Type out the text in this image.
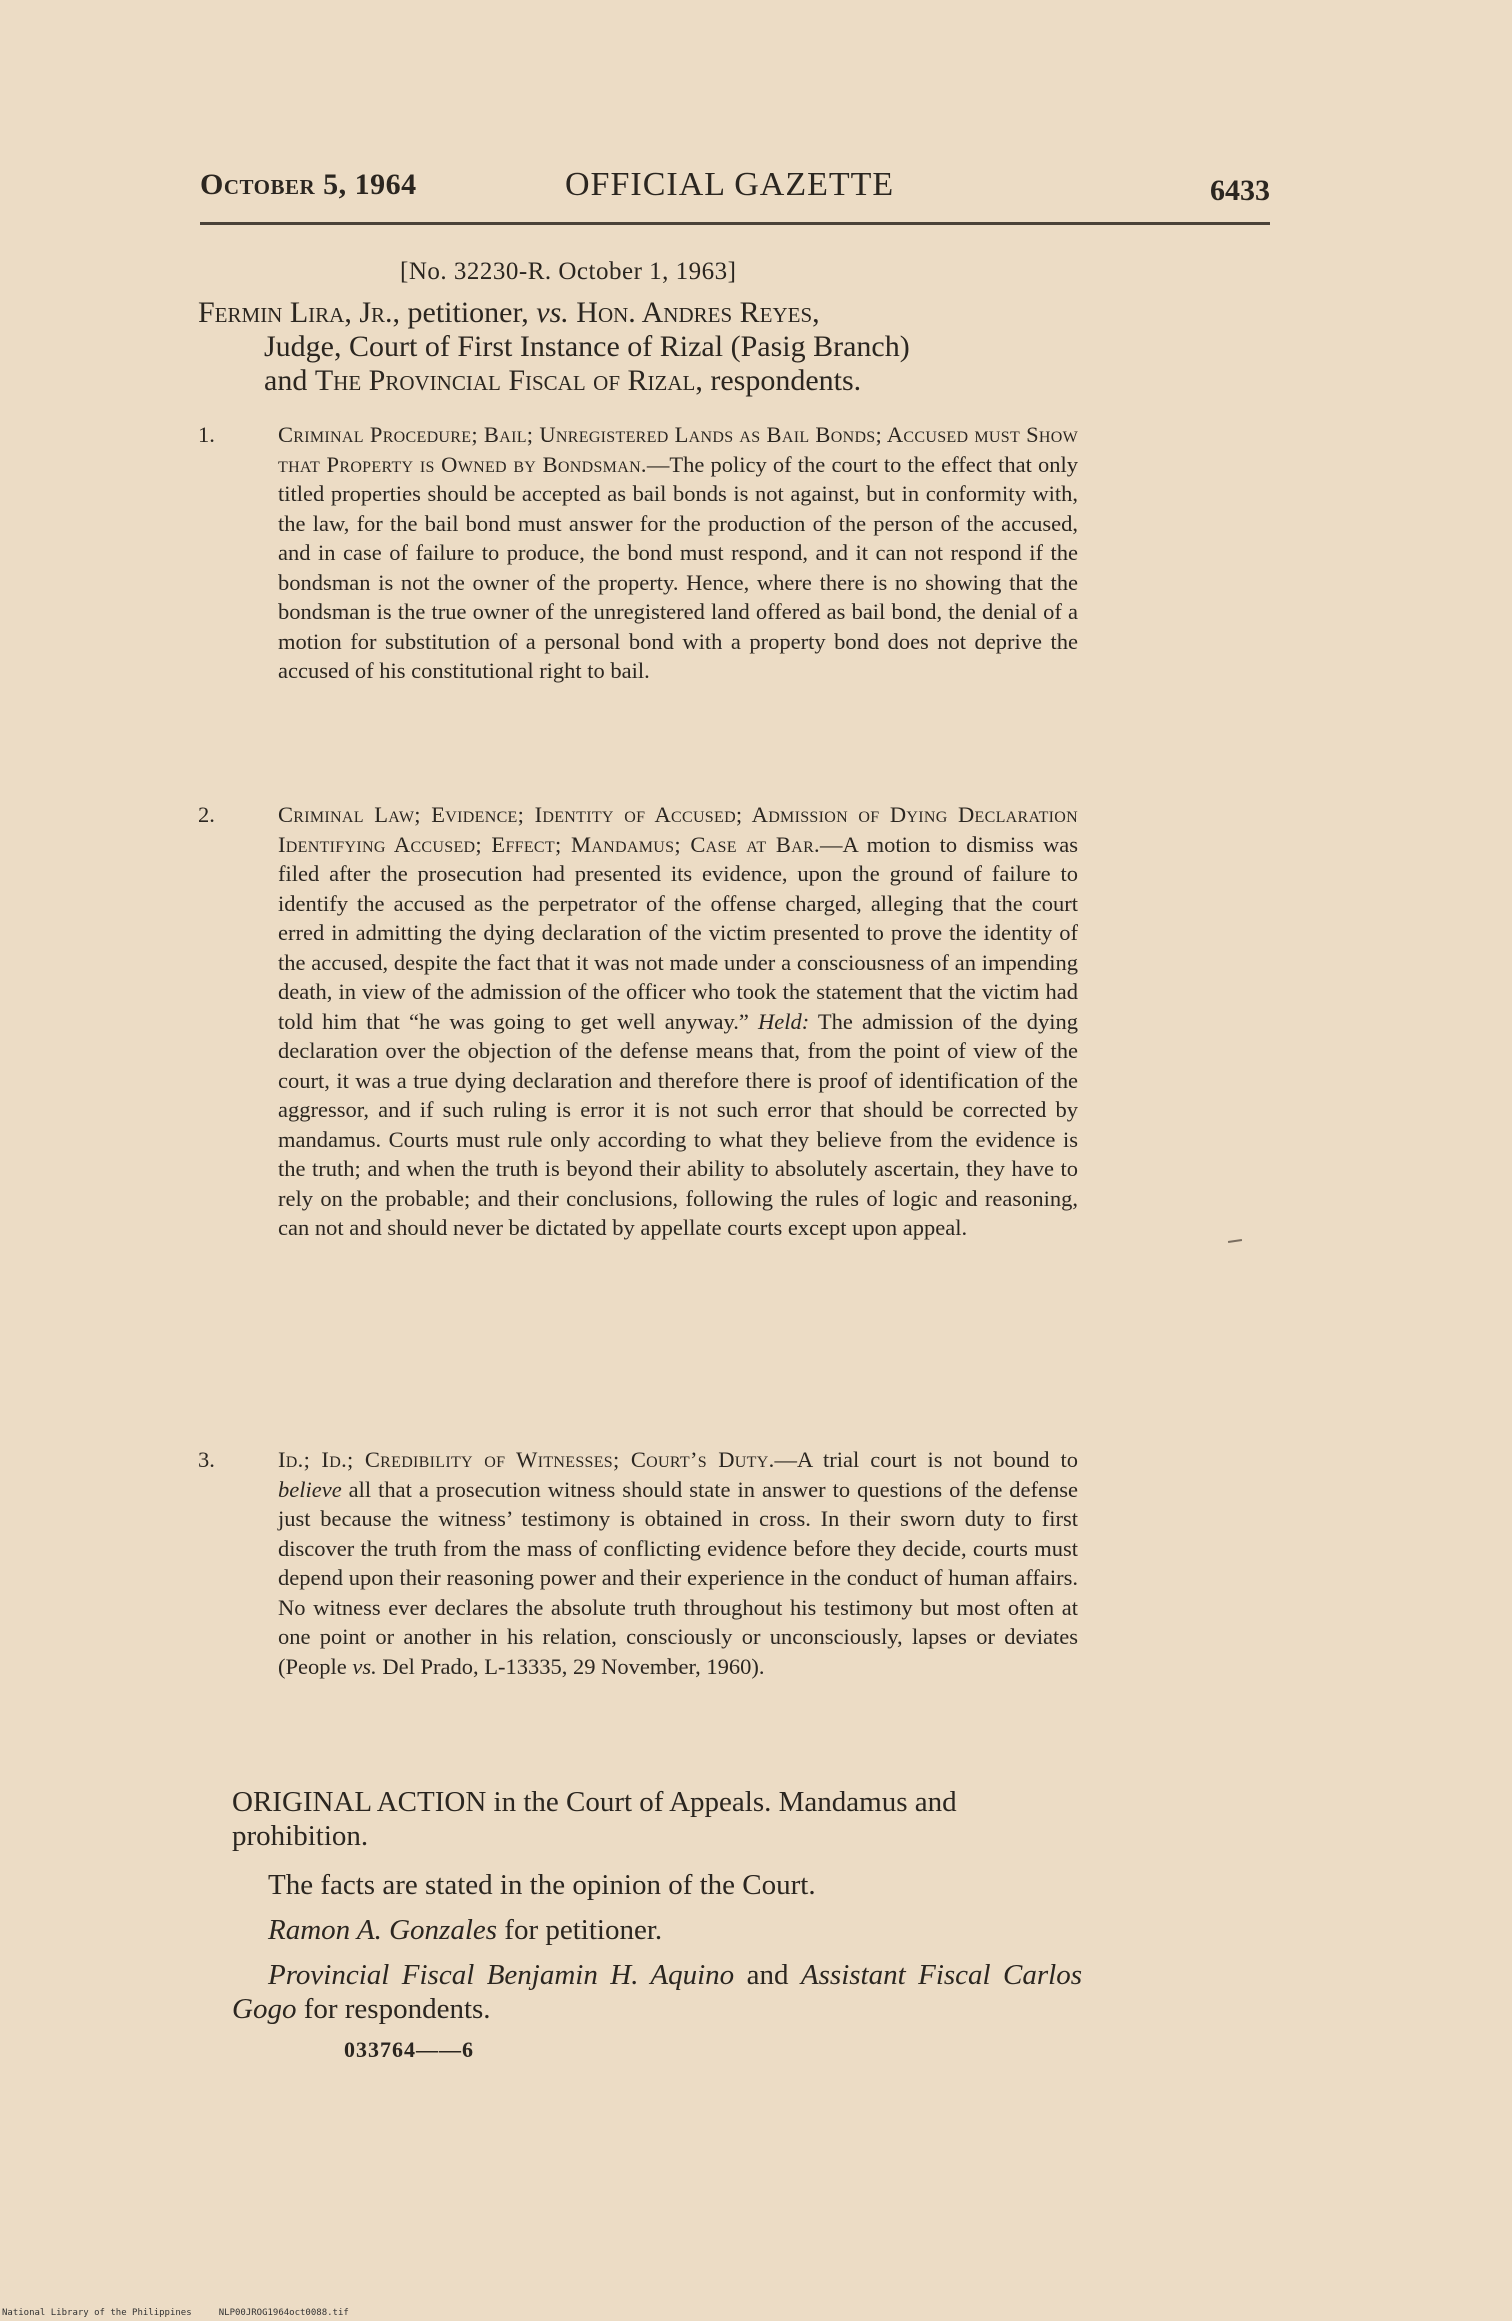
October 5, 1964	OFFICIAL GAZETTE	6433
[No. 32230-R. October 1, 1963]
Fermin Lira, Jr., petitioner, vs. Hon. Andres Reyes,
Judge, Court of First Instance of Rizal (Pasig Branch)
and The Provincial Fiscal of Rizal, respondents.
1.	Criminal Procedure; Bail; Unregistered Lands as Bail Bonds; Accused must Show that Property is Owned by Bondsman.—The policy of the court to the effect that only titled properties should be accepted as bail bonds is not against, but in conformity with, the law, for the bail bond must answer for the production of the person of the accused, and in case of failure to produce, the bond must respond, and it can not respond if the bondsman is not the owner of the property. Hence, where there is no showing that the bondsman is the true owner of the unregistered land offered as bail bond, the denial of a motion for substitution of a personal bond with a property bond does not deprive the accused of his constitutional right to bail.
2.	Criminal Law; Evidence; Identity of Accused; Admission of Dying Declaration Identifying Accused; Effect; Mandamus; Case at Bar.—A motion to dismiss was filed after the prosecution had presented its evidence, upon the ground of failure to identify the accused as the perpetrator of the offense charged, alleging that the court erred in admitting the dying declaration of the victim presented to prove the identity of the accused, despite the fact that it was not made under a consciousness of an impending death, in view of the admission of the officer who took the statement that the victim had told him that “he was going to get well anyway.” Held: The admission of the dying declaration over the objection of the defense means that, from the point of view of the court, it was a true dying declaration and therefore there is proof of identification of the aggressor, and if such ruling is error it is not such error that should be corrected by mandamus. Courts must rule only according to what they believe from the evidence is the truth; and when the truth is beyond their ability to absolutely ascertain, they have to rely on the probable; and their conclusions, following the rules of logic and reasoning, can not and should never be dictated by appellate courts except upon appeal.
3.	Id.; Id.; Credibility of Witnesses; Court’s Duty.—A trial court is not bound to believe all that a prosecution witness should state in answer to questions of the defense just because the witness’ testimony is obtained in cross. In their sworn duty to first discover the truth from the mass of conflicting evidence before they decide, courts must depend upon their reasoning power and their experience in the conduct of human affairs. No witness ever declares the absolute truth throughout his testimony but most often at one point or another in his relation, consciously or unconsciously, lapses or deviates (People vs. Del Prado, L-13335, 29 November, 1960).
ORIGINAL ACTION in the Court of Appeals. Mandamus and prohibition.
The facts are stated in the opinion of the Court.
Ramon A. Gonzales for petitioner.
Provincial Fiscal Benjamin H. Aquino and Assistant Fiscal Carlos Gogo for respondents.
033764——6
National Library of the Philippines     NLP00JROG1964oct0088.tif
